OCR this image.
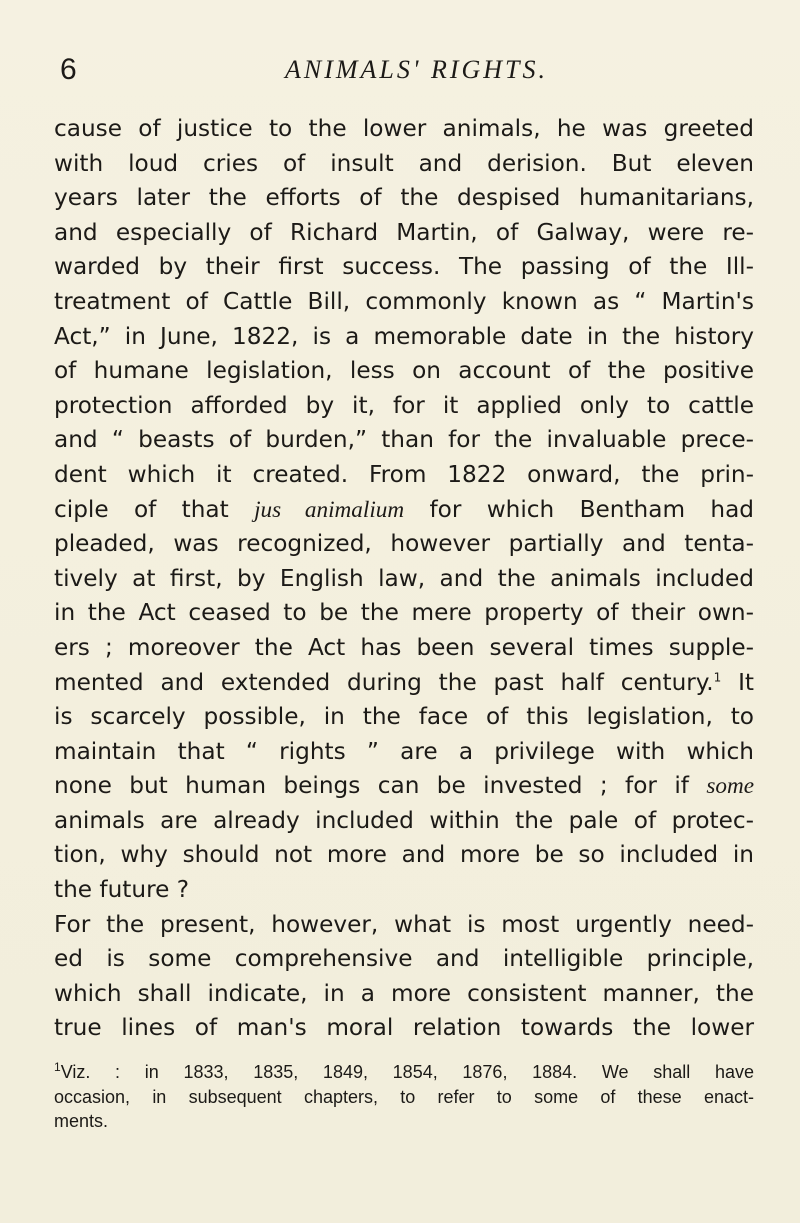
6	ANIMALS' RIGHTS.
cause of justice to the lower animals, he was greeted
with loud cries of insult and derision. But eleven
years later the efforts of the despised humanitarians,
and especially of Richard Martin, of Galway, were re-
warded by their first success. The passing of the Ill-
treatment of Cattle Bill, commonly known as “ Martin's
Act,” in June, 1822, is a memorable date in the history
of humane legislation, less on account of the positive
protection afforded by it, for it applied only to cattle
and “ beasts of burden,” than for the invaluable prece-
dent which it created. From 1822 onward, the prin-
ciple of that jus animalium for which Bentham had
pleaded, was recognized, however partially and tenta-
tively at first, by English law, and the animals included
in the Act ceased to be the mere property of their own-
ers ; moreover the Act has been several times supple-
mented and extended during the past half century.$^1$ It
is scarcely possible, in the face of this legislation, to
maintain that “ rights ” are a privilege with which
none but human beings can be invested ; for if some
animals are already included within the pale of protec-
tion, why should not more and more be so included in
the future ?
For the present, however, what is most urgently need-
ed is some comprehensive and intelligible principle,
which shall indicate, in a more consistent manner, the
true lines of man's moral relation towards the lower
$^1$Viz. : in 1833, 1835, 1849, 1854, 1876, 1884. We shall have
occasion, in subsequent chapters, to refer to some of these enact-
ments.
